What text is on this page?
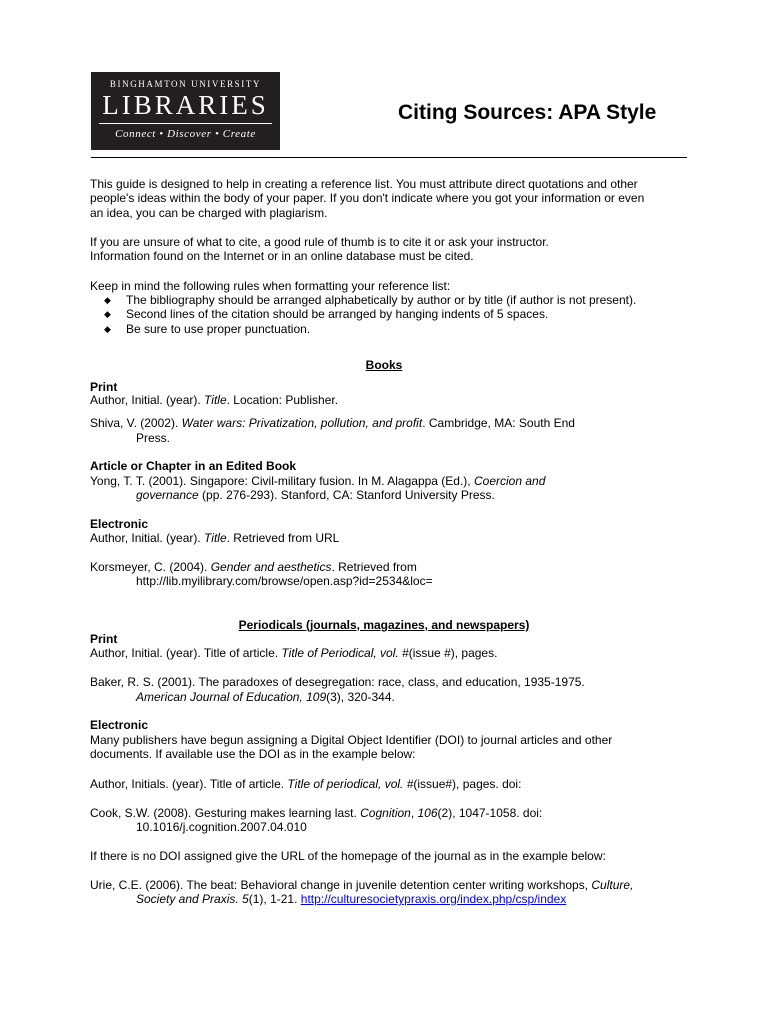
BINGHAMTON UNIVERSITY
LIBRARIES
Connect • Discover • Create
Citing Sources: APA Style
This guide is designed to help in creating a reference list. You must attribute direct quotations and other
people's ideas within the body of your paper. If you don't indicate where you got your information or even
an idea, you can be charged with plagiarism.
If you are unsure of what to cite, a good rule of thumb is to cite it or ask your instructor.
Information found on the Internet or in an online database must be cited.
Keep in mind the following rules when formatting your reference list:
◆ The bibliography should be arranged alphabetically by author or by title (if author is not present).
◆ Second lines of the citation should be arranged by hanging indents of 5 spaces.
◆ Be sure to use proper punctuation.
Books
Print
Author, Initial. (year). Title. Location: Publisher.
Shiva, V. (2002). Water wars: Privatization, pollution, and profit. Cambridge, MA: South End
Press.
Article or Chapter in an Edited Book
Yong, T. T. (2001). Singapore: Civil-military fusion. In M. Alagappa (Ed.), Coercion and
governance (pp. 276-293). Stanford, CA: Stanford University Press.
Electronic
Author, Initial. (year). Title. Retrieved from URL
Korsmeyer, C. (2004). Gender and aesthetics. Retrieved from
http://lib.myilibrary.com/browse/open.asp?id=2534&loc=
Periodicals (journals, magazines, and newspapers)
Print
Author, Initial. (year). Title of article. Title of Periodical, vol. #(issue #), pages.
Baker, R. S. (2001). The paradoxes of desegregation: race, class, and education, 1935-1975.
American Journal of Education, 109(3), 320-344.
Electronic
Many publishers have begun assigning a Digital Object Identifier (DOI) to journal articles and other
documents. If available use the DOI as in the example below:
Author, Initials. (year). Title of article. Title of periodical, vol. #(issue#), pages. doi:
Cook, S.W. (2008). Gesturing makes learning last. Cognition, 106(2), 1047-1058. doi:
10.1016/j.cognition.2007.04.010
If there is no DOI assigned give the URL of the homepage of the journal as in the example below:
Urie, C.E. (2006). The beat: Behavioral change in juvenile detention center writing workshops, Culture,
Society and Praxis. 5(1), 1-21. http://culturesocietypraxis.org/index.php/csp/index
